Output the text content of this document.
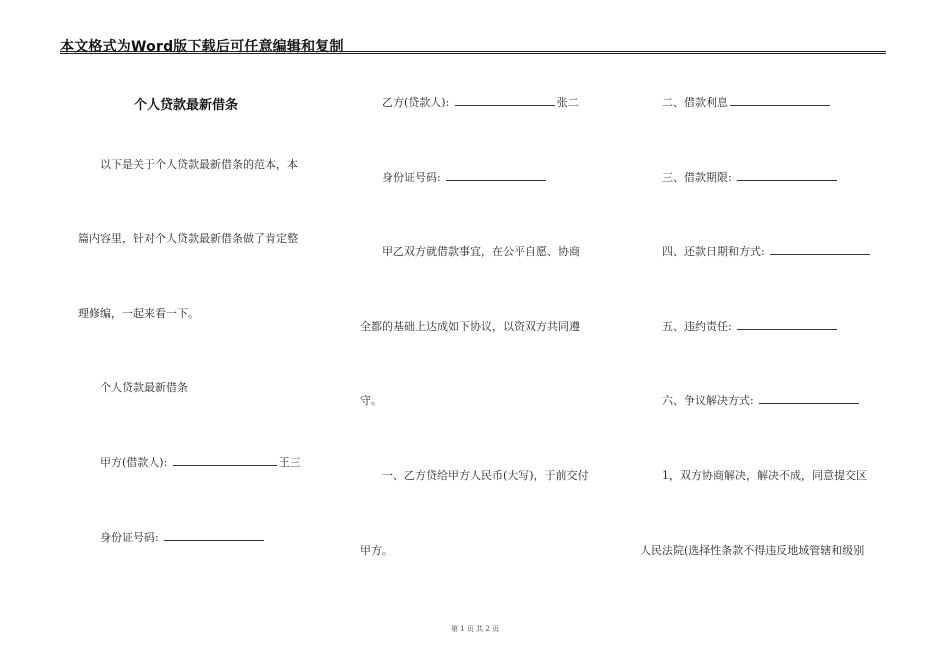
本文格式为Word版下载后可任意编辑和复制
个人贷款最新借条
以下是关于个人贷款最新借条的范本，本
篇内容里，针对个人贷款最新借条做了肯定整
理修编，一起来看一下。
个人贷款最新借条
甲方(借款人):	王三
身份证号码:
乙方(贷款人):	张二
身份证号码:
甲乙双方就借款事宜，在公平自愿、协商
全都的基础上达成如下协议，以资双方共同遵
守。
一、乙方贷给甲方人民币(大写)，于前交付
甲方。
二、借款利息
三、借款期限:
四、还款日期和方式:
五、违约责任:
六、争议解决方式:
1，双方协商解决，解决不成，同意提交区
人民法院(选择性条款不得违反地域管辖和级别
第 1 页 共 2 页
